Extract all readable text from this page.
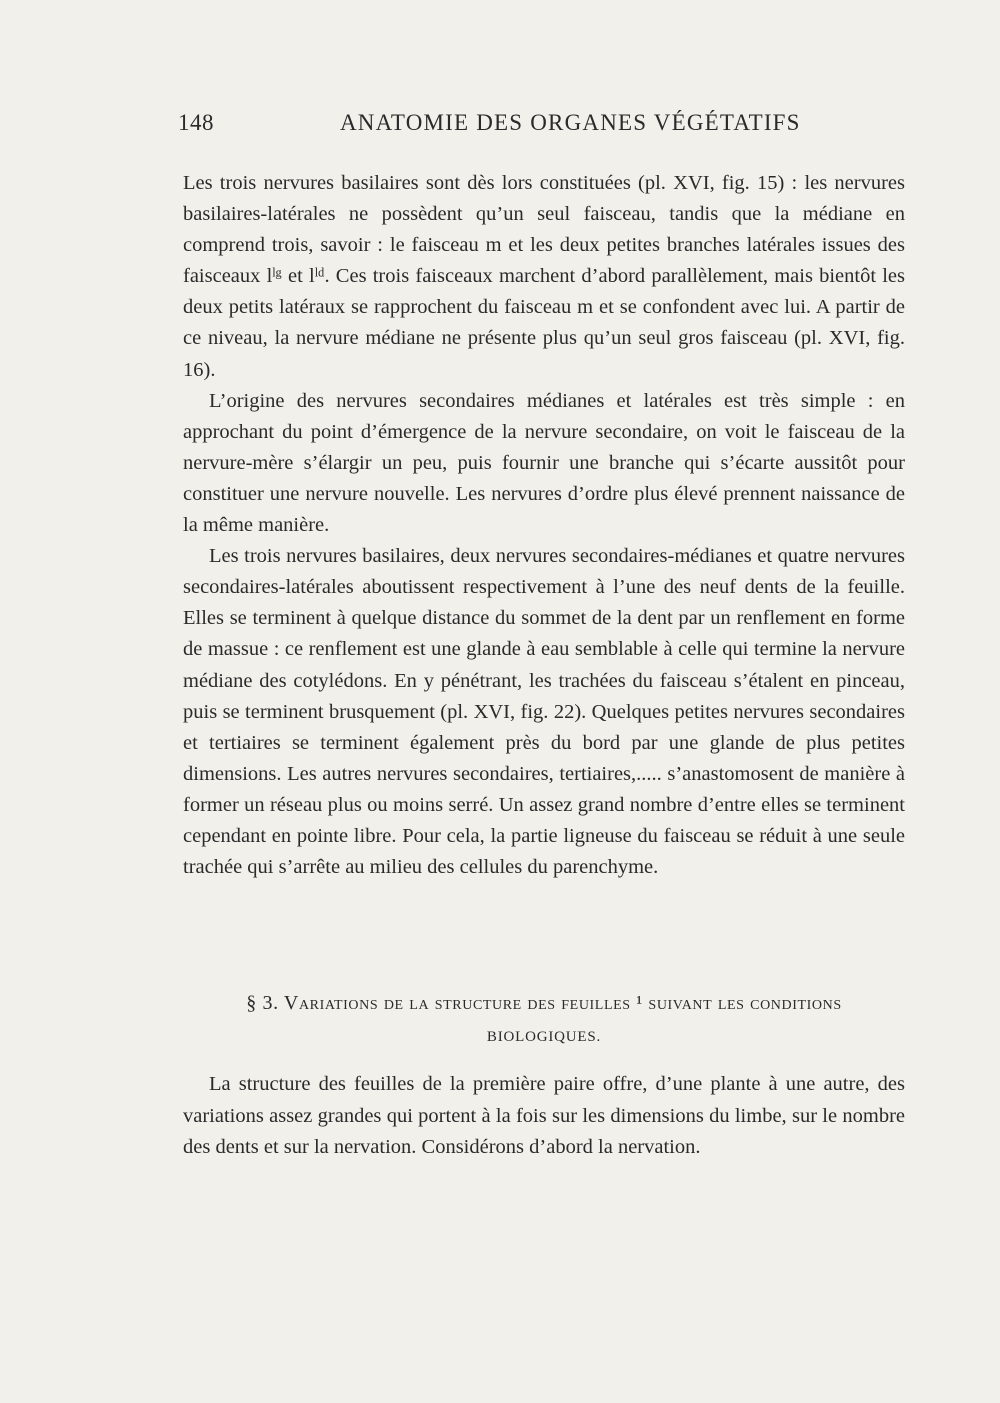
148	ANATOMIE DES ORGANES VÉGÉTATIFS

Les trois nervures basilaires sont dès lors constituées (pl. XVI, fig. 15) : les nervures basilaires-latérales ne possèdent qu’un seul faisceau, tandis que la médiane en comprend trois, savoir : le faisceau m et les deux petites branches latérales issues des faisceaux lˡᵍ et lˡᵈ. Ces trois faisceaux marchent d’abord parallèlement, mais bientôt les deux petits latéraux se rapprochent du faisceau m et se confondent avec lui. A partir de ce niveau, la nervure médiane ne présente plus qu’un seul gros faisceau (pl. XVI, fig. 16).

L’origine des nervures secondaires médianes et latérales est très simple : en approchant du point d’émergence de la nervure secondaire, on voit le faisceau de la nervure-mère s’élargir un peu, puis fournir une branche qui s’écarte aussitôt pour constituer une nervure nouvelle. Les nervures d’ordre plus élevé prennent naissance de la même manière.

Les trois nervures basilaires, deux nervures secondaires-médianes et quatre nervures secondaires-latérales aboutissent respectivement à l’une des neuf dents de la feuille. Elles se terminent à quelque distance du sommet de la dent par un renflement en forme de massue : ce renflement est une glande à eau semblable à celle qui termine la nervure médiane des cotylédons. En y pénétrant, les trachées du faisceau s’étalent en pinceau, puis se terminent brusquement (pl. XVI, fig. 22). Quelques petites nervures secondaires et tertiaires se terminent également près du bord par une glande de plus petites dimensions. Les autres nervures secondaires, tertiaires,..... s’anastomosent de manière à former un réseau plus ou moins serré. Un assez grand nombre d’entre elles se terminent cependant en pointe libre. Pour cela, la partie ligneuse du faisceau se réduit à une seule trachée qui s’arrête au milieu des cellules du parenchyme.

§ 3. Variations de la structure des feuilles ¹ suivant les conditions
BIOLOGIQUES.

La structure des feuilles de la première paire offre, d’une plante à une autre, des variations assez grandes qui portent à la fois sur les dimensions du limbe, sur le nombre des dents et sur la nervation. Considérons d’abord la nervation.
